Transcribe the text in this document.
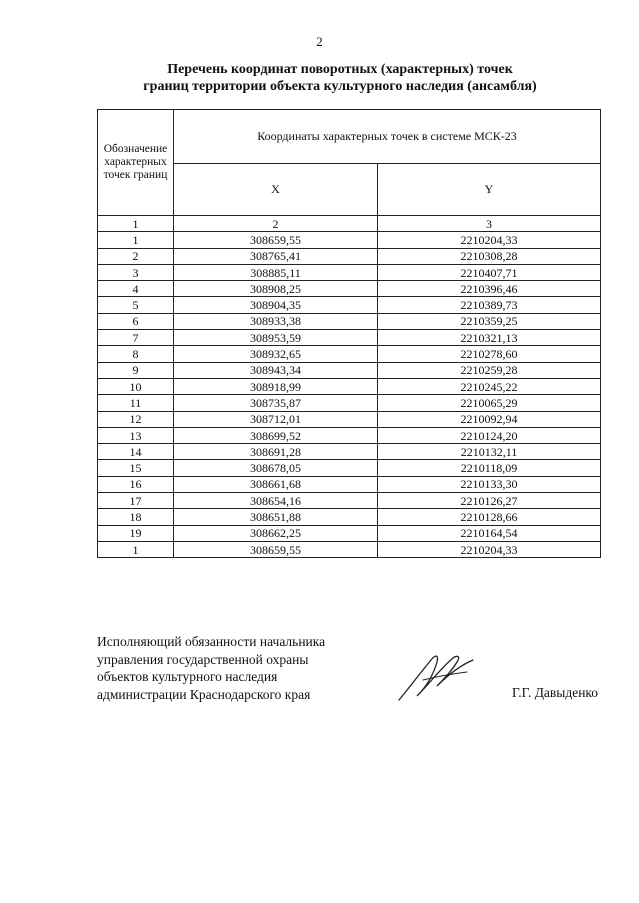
2
Перечень координат поворотных (характерных) точек
границ территории объекта культурного наследия (ансамбля)
Обозначение характерных точек границ	Координаты характерных точек в системе МСК-23	
	X	Y
1	2	3
1	308659,55	2210204,33
2	308765,41	2210308,28
3	308885,11	2210407,71
4	308908,25	2210396,46
5	308904,35	2210389,73
6	308933,38	2210359,25
7	308953,59	2210321,13
8	308932,65	2210278,60
9	308943,34	2210259,28
10	308918,99	2210245,22
11	308735,87	2210065,29
12	308712,01	2210092,94
13	308699,52	2210124,20
14	308691,28	2210132,11
15	308678,05	2210118,09
16	308661,68	2210133,30
17	308654,16	2210126,27
18	308651,88	2210128,66
19	308662,25	2210164,54
1	308659,55	2210204,33
Исполняющий обязанности начальника
управления государственной охраны
объектов культурного наследия
администрации Краснодарского края	Г.Г. Давыденко
